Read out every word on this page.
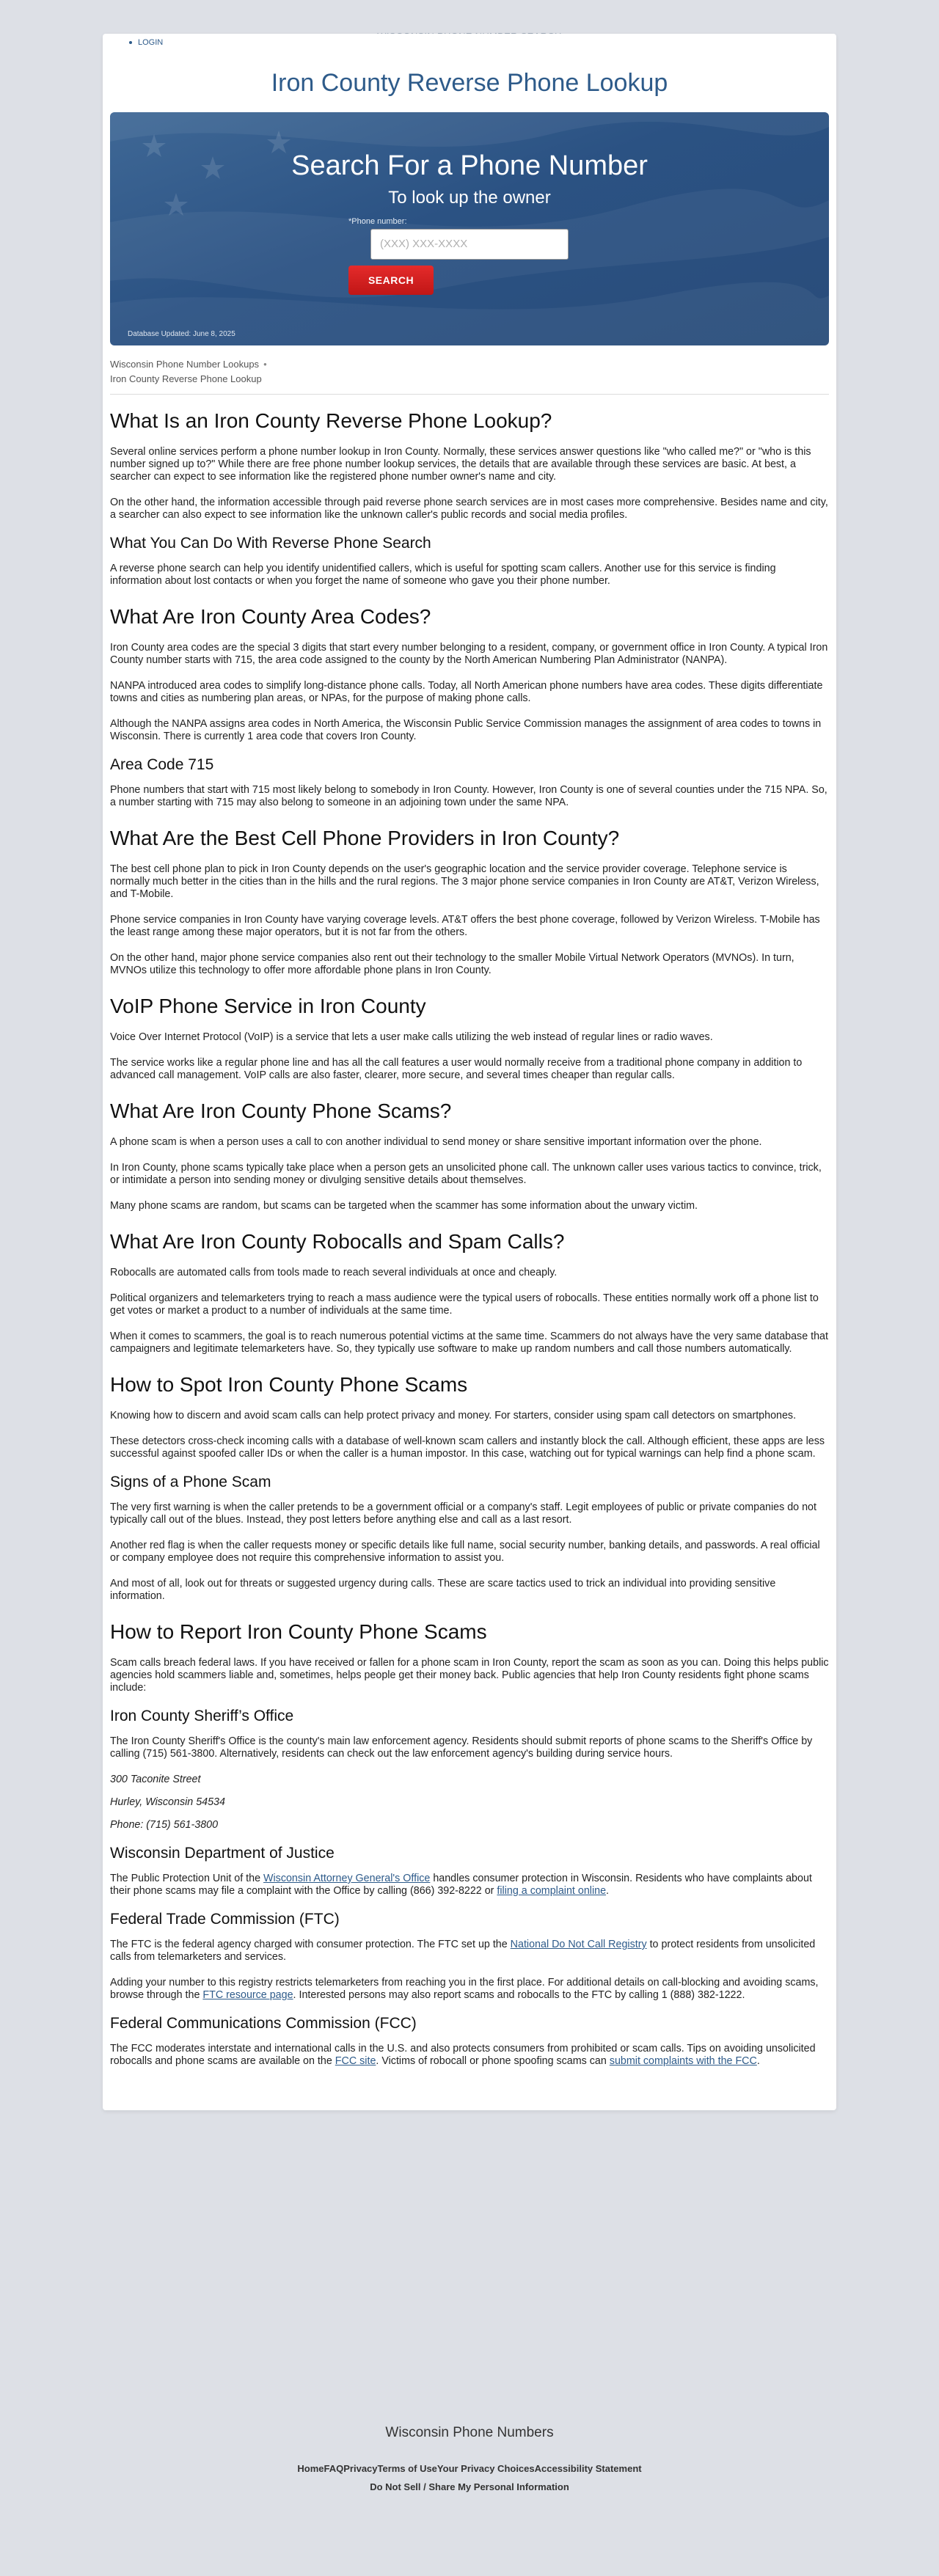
LOGIN
Iron County Reverse Phone Lookup
Search For a Phone Number
To look up the owner
*Phone number:
(XXX) XXX-XXXX
SEARCH
Database Updated: June 8, 2025
Wisconsin Phone Number Lookups •
Iron County Reverse Phone Lookup
What Is an Iron County Reverse Phone Lookup?

Several online services perform a phone number lookup in Iron County. Normally, these services answer questions like "who called me?" or "who is this number signed up to?" While there are free phone number lookup services, the details that are available through these services are basic. At best, a searcher can expect to see information like the registered phone number owner's name and city.

On the other hand, the information accessible through paid reverse phone search services are in most cases more comprehensive. Besides name and city, a searcher can also expect to see information like the unknown caller's public records and social media profiles.

What You Can Do With Reverse Phone Search

A reverse phone search can help you identify unidentified callers, which is useful for spotting scam callers. Another use for this service is finding information about lost contacts or when you forget the name of someone who gave you their phone number.

What Are Iron County Area Codes?

Iron County area codes are the special 3 digits that start every number belonging to a resident, company, or government office in Iron County. A typical Iron County number starts with 715, the area code assigned to the county by the North American Numbering Plan Administrator (NANPA).

NANPA introduced area codes to simplify long-distance phone calls. Today, all North American phone numbers have area codes. These digits differentiate towns and cities as numbering plan areas, or NPAs, for the purpose of making phone calls.

Although the NANPA assigns area codes in North America, the Wisconsin Public Service Commission manages the assignment of area codes to towns in Wisconsin. There is currently 1 area code that covers Iron County.

Area Code 715

Phone numbers that start with 715 most likely belong to somebody in Iron County. However, Iron County is one of several counties under the 715 NPA. So, a number starting with 715 may also belong to someone in an adjoining town under the same NPA.

What Are the Best Cell Phone Providers in Iron County?

The best cell phone plan to pick in Iron County depends on the user's geographic location and the service provider coverage. Telephone service is normally much better in the cities than in the hills and the rural regions. The 3 major phone service companies in Iron County are AT&T, Verizon Wireless, and T-Mobile.

Phone service companies in Iron County have varying coverage levels. AT&T offers the best phone coverage, followed by Verizon Wireless. T-Mobile has the least range among these major operators, but it is not far from the others.

On the other hand, major phone service companies also rent out their technology to the smaller Mobile Virtual Network Operators (MVNOs). In turn, MVNOs utilize this technology to offer more affordable phone plans in Iron County.

VoIP Phone Service in Iron County

Voice Over Internet Protocol (VoIP) is a service that lets a user make calls utilizing the web instead of regular lines or radio waves.

The service works like a regular phone line and has all the call features a user would normally receive from a traditional phone company in addition to advanced call management. VoIP calls are also faster, clearer, more secure, and several times cheaper than regular calls.

What Are Iron County Phone Scams?

A phone scam is when a person uses a call to con another individual to send money or share sensitive important information over the phone.

In Iron County, phone scams typically take place when a person gets an unsolicited phone call. The unknown caller uses various tactics to convince, trick, or intimidate a person into sending money or divulging sensitive details about themselves.

Many phone scams are random, but scams can be targeted when the scammer has some information about the unwary victim.

What Are Iron County Robocalls and Spam Calls?

Robocalls are automated calls from tools made to reach several individuals at once and cheaply.

Political organizers and telemarketers trying to reach a mass audience were the typical users of robocalls. These entities normally work off a phone list to get votes or market a product to a number of individuals at the same time.

When it comes to scammers, the goal is to reach numerous potential victims at the same time. Scammers do not always have the very same database that campaigners and legitimate telemarketers have. So, they typically use software to make up random numbers and call those numbers automatically.

How to Spot Iron County Phone Scams

Knowing how to discern and avoid scam calls can help protect privacy and money. For starters, consider using spam call detectors on smartphones.

These detectors cross-check incoming calls with a database of well-known scam callers and instantly block the call. Although efficient, these apps are less successful against spoofed caller IDs or when the caller is a human impostor. In this case, watching out for typical warnings can help find a phone scam.

Signs of a Phone Scam

The very first warning is when the caller pretends to be a government official or a company's staff. Legit employees of public or private companies do not typically call out of the blues. Instead, they post letters before anything else and call as a last resort.

Another red flag is when the caller requests money or specific details like full name, social security number, banking details, and passwords. A real official or company employee does not require this comprehensive information to assist you.

And most of all, look out for threats or suggested urgency during calls. These are scare tactics used to trick an individual into providing sensitive information.

How to Report Iron County Phone Scams

Scam calls breach federal laws. If you have received or fallen for a phone scam in Iron County, report the scam as soon as you can. Doing this helps public agencies hold scammers liable and, sometimes, helps people get their money back. Public agencies that help Iron County residents fight phone scams include:

Iron County Sheriff’s Office

The Iron County Sheriff's Office is the county's main law enforcement agency. Residents should submit reports of phone scams to the Sheriff's Office by calling (715) 561-3800. Alternatively, residents can check out the law enforcement agency's building during service hours.

300 Taconite Street

Hurley, Wisconsin 54534

Phone: (715) 561-3800

Wisconsin Department of Justice

The Public Protection Unit of the Wisconsin Attorney General's Office handles consumer protection in Wisconsin. Residents who have complaints about their phone scams may file a complaint with the Office by calling (866) 392-8222 or filing a complaint online.

Federal Trade Commission (FTC)

The FTC is the federal agency charged with consumer protection. The FTC set up the National Do Not Call Registry to protect residents from unsolicited calls from telemarketers and services.

Adding your number to this registry restricts telemarketers from reaching you in the first place. For additional details on call-blocking and avoiding scams, browse through the FTC resource page. Interested persons may also report scams and robocalls to the FTC by calling 1 (888) 382-1222.

Federal Communications Commission (FCC)

The FCC moderates interstate and international calls in the U.S. and also protects consumers from prohibited or scam calls. Tips on avoiding unsolicited robocalls and phone scams are available on the FCC site. Victims of robocall or phone spoofing scams can submit complaints with the FCC.

Wisconsin Phone Numbers
HomeFAQPrivacyTerms of UseYour Privacy ChoicesAccessibility Statement
Do Not Sell / Share My Personal Information
